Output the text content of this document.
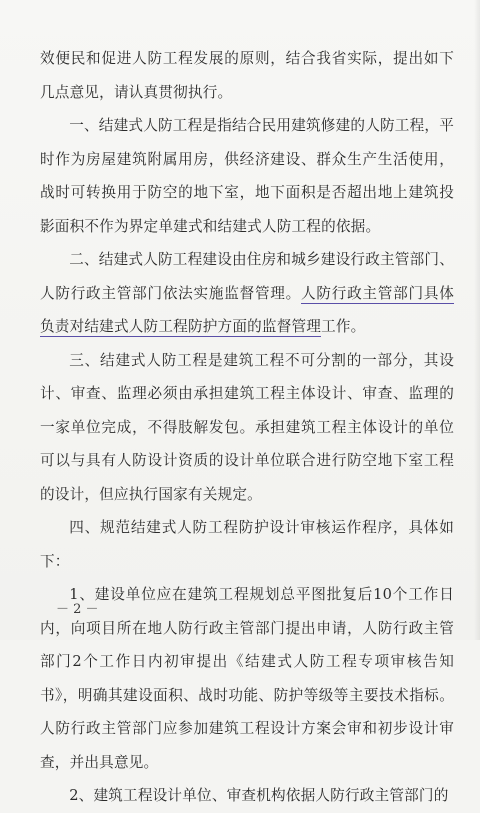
效便民和促进人防工程发展的原则，结合我省实际，提出如下几点意见，请认真贯彻执行。

一、结建式人防工程是指结合民用建筑修建的人防工程，平时作为房屋建筑附属用房，供经济建设、群众生产生活使用，战时可转换用于防空的地下室，地下面积是否超出地上建筑投影面积不作为界定单建式和结建式人防工程的依据。

二、结建式人防工程建设由住房和城乡建设行政主管部门、人防行政主管部门依法实施监督管理。人防行政主管部门具体负责对结建式人防工程防护方面的监督管理工作。

三、结建式人防工程是建筑工程不可分割的一部分，其设计、审查、监理必须由承担建筑工程主体设计、审查、监理的一家单位完成，不得肢解发包。承担建筑工程主体设计的单位可以与具有人防设计资质的设计单位联合进行防空地下室工程的设计，但应执行国家有关规定。

四、规范结建式人防工程防护设计审核运作程序，具体如下：

1、建设单位应在建筑工程规划总平图批复后10个工作日内，向项目所在地人防行政主管部门提出申请，人防行政主管部门2个工作日内初审提出《结建式人防工程专项审核告知书》，明确其建设面积、战时功能、防护等级等主要技术指标。人防行政主管部门应参加建筑工程设计方案会审和初步设计审查，并出具意见。

2、建筑工程设计单位、审查机构依据人防行政主管部门的

－ 2 －
